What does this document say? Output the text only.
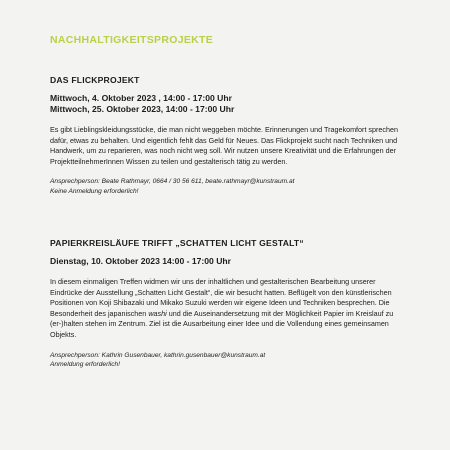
NACHHALTIGKEITSPROJEKTE
DAS FLICKPROJEKT

Mittwoch, 4. Oktober 2023 , 14:00 - 17:00 Uhr

Mittwoch, 25. Oktober 2023, 14:00 - 17:00 Uhr

Es gibt Lieblingskleidungsstücke, die man nicht weggeben möchte. Erinnerungen und Tragekomfort sprechen dafür, etwas zu behalten. Und eigentlich fehlt das Geld für Neues. Das Flickprojekt sucht nach Techniken und Handwerk, um zu reparieren, was noch nicht weg soll. Wir nutzen unsere Kreativität und die Erfahrungen der ProjektteilnehmerInnen Wissen zu teilen und gestalterisch tätig zu werden.

Ansprechperson: Beate Rathmayr, 0664 / 30 56 611, beate.rathmayr@kunstraum.at

Keine Anmeldung erforderlich!

PAPIERKREISLÄUFE TRIFFT „SCHATTEN LICHT GESTALT“

Dienstag, 10. Oktober 2023 14:00 - 17:00 Uhr

In diesem einmaligen Treffen widmen wir uns der inhaltlichen und gestalterischen Bearbeitung unserer Eindrücke der Ausstellung „Schatten Licht Gestalt“, die wir besucht hatten. Beflügelt von den künstlerischen Positionen von Koji Shibazaki und Mikako Suzuki werden wir eigene Ideen und Techniken besprechen. Die Besonderheit des japanischen washi und die Auseinandersetzung mit der Möglichkeit Papier im Kreislauf zu (er-)halten stehen im Zentrum. Ziel ist die Ausarbeitung einer Idee und die Vollendung eines gemeinsamen Objekts.

Ansprechperson: Kathrin Gusenbauer, kathrin.gusenbauer@kunstraum.at

Anmeldung erforderlich!
